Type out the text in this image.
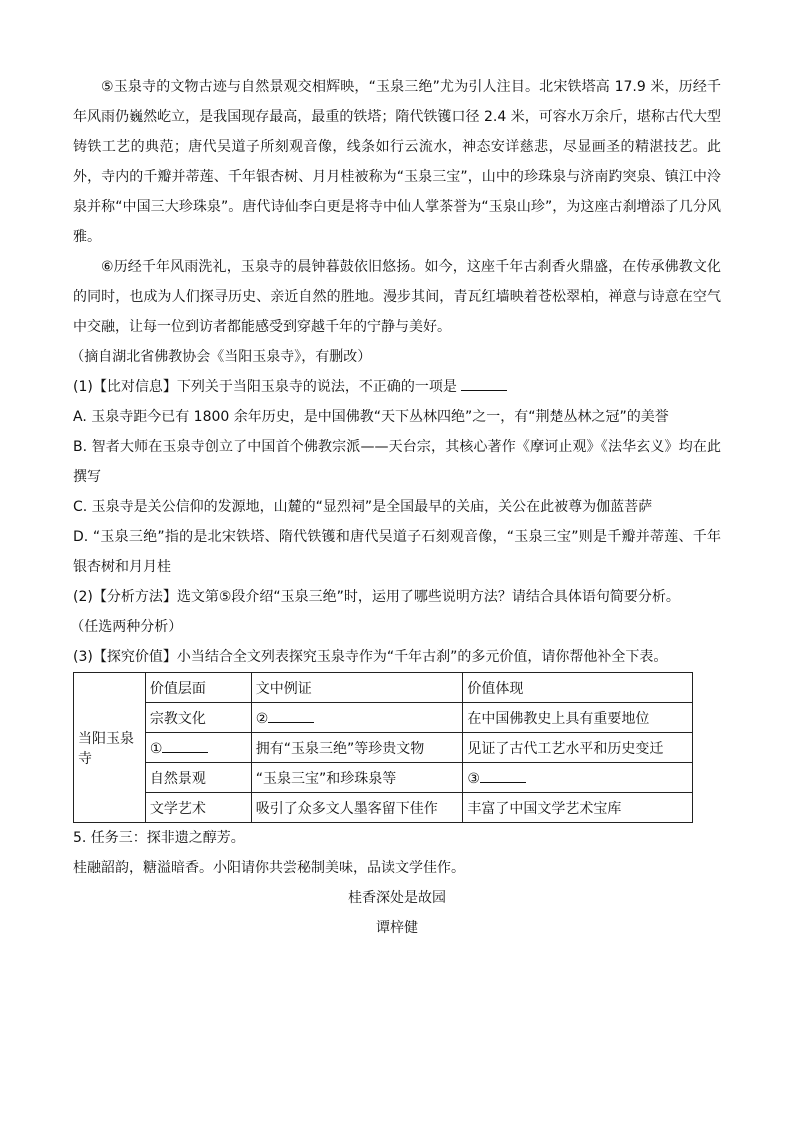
⑤玉泉寺的文物古迹与自然景观交相辉映，“玉泉三绝”尤为引人注目。北宋铁塔高 17.9 米，历经千年风雨仍巍然屹立，是我国现存最高，最重的铁塔；隋代铁镬口径 2.4 米，可容水万余斤，堪称古代大型铸铁工艺的典范；唐代吴道子所刻观音像，线条如行云流水，神态安详慈悲，尽显画圣的精湛技艺。此外，寺内的千瓣并蒂莲、千年银杏树、月月桂被称为“玉泉三宝”，山中的珍珠泉与济南趵突泉、镇江中泠泉并称“中国三大珍珠泉”。唐代诗仙李白更是将寺中仙人掌茶誉为“玉泉山珍”，为这座古刹增添了几分风雅。

⑥历经千年风雨洗礼，玉泉寺的晨钟暮鼓依旧悠扬。如今，这座千年古刹香火鼎盛，在传承佛教文化的同时，也成为人们探寻历史、亲近自然的胜地。漫步其间，青瓦红墙映着苍松翠柏，禅意与诗意在空气中交融，让每一位到访者都能感受到穿越千年的宁静与美好。

（摘自湖北省佛教协会《当阳玉泉寺》，有删改）

(1)【比对信息】下列关于当阳玉泉寺的说法，不正确的一项是

A. 玉泉寺距今已有 1800 余年历史，是中国佛教“天下丛林四绝”之一，有“荆楚丛林之冠”的美誉

B. 智者大师在玉泉寺创立了中国首个佛教宗派——天台宗，其核心著作《摩诃止观》《法华玄义》均在此撰写

C. 玉泉寺是关公信仰的发源地，山麓的“显烈祠”是全国最早的关庙，关公在此被尊为伽蓝菩萨

D. “玉泉三绝”指的是北宋铁塔、隋代铁镬和唐代吴道子石刻观音像，“玉泉三宝”则是千瓣并蒂莲、千年银杏树和月月桂

(2)【分析方法】选文第⑤段介绍“玉泉三绝”时，运用了哪些说明方法？请结合具体语句简要分析。

（任选两种分析）

(3)【探究价值】小当结合全文列表探究玉泉寺作为“千年古刹”的多元价值，请你帮他补全下表。

当阳玉泉寺	价值层面	文中例证	价值体现
	宗教文化	②	在中国佛教史上具有重要地位
	①	拥有“玉泉三绝”等珍贵文物	见证了古代工艺水平和历史变迁
	自然景观	“玉泉三宝”和珍珠泉等	③
	文学艺术	吸引了众多文人墨客留下佳作	丰富了中国文学艺术宝库

5. 任务三：探非遗之醇芳。

桂融韶韵，糖溢暗香。小阳请你共尝秘制美味，品读文学佳作。

桂香深处是故园

谭梓健
